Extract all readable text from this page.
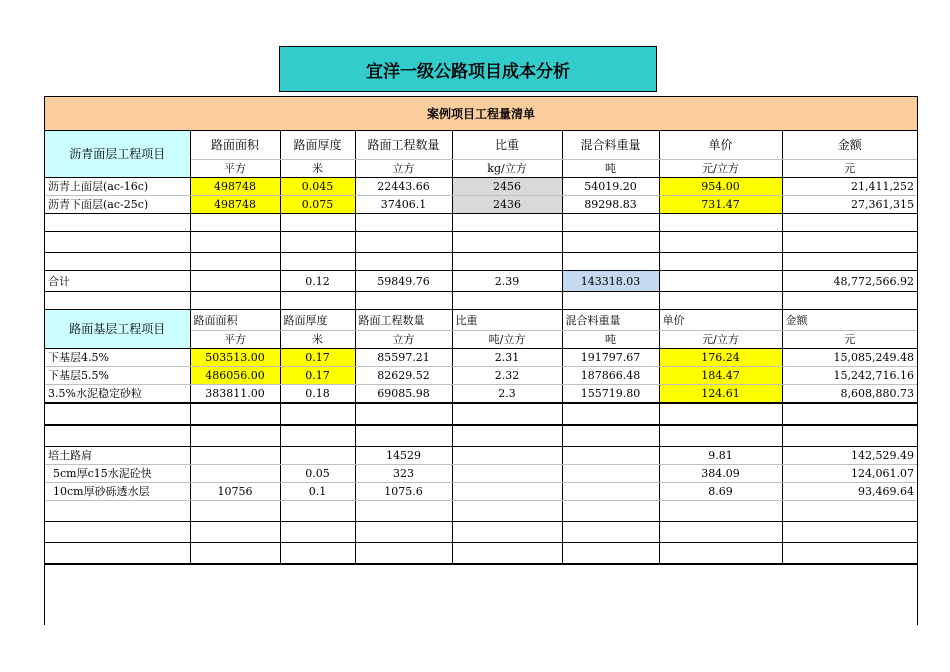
宜洋一级公路项目成本分析
案例项目工程量清单
沥青面层工程项目	路面面积	路面厚度	路面工程数量	比重	混合料重量	单价	金额
	平方	米	立方	kg/立方	吨	元/立方	元
沥青上面层(ac-16c)	498748	0.045	22443.66	2456	54019.20	954.00	21,411,252
沥青下面层(ac-25c)	498748	0.075	37406.1	2436	89298.83	731.47	27,361,315

合计		0.12	59849.76	2.39	143318.03		48,772,566.92

路面基层工程项目	路面面积	路面厚度	路面工程数量	比重	混合料重量	单价	金额
	平方	米	立方	吨/立方	吨	元/立方	元
下基层4.5%	503513.00	0.17	85597.21	2.31	191797.67	176.24	15,085,249.48
下基层5.5%	486056.00	0.17	82629.52	2.32	187866.48	184.47	15,242,716.16
3.5%水泥稳定砂粒	383811.00	0.18	69085.98	2.3	155719.80	124.61	8,608,880.73

培土路肩			14529			9.81	142,529.49
5cm厚c15水泥砼快		0.05	323			384.09	124,061.07
10cm厚砂砾透水层	10756	0.1	1075.6			8.69	93,469.64
